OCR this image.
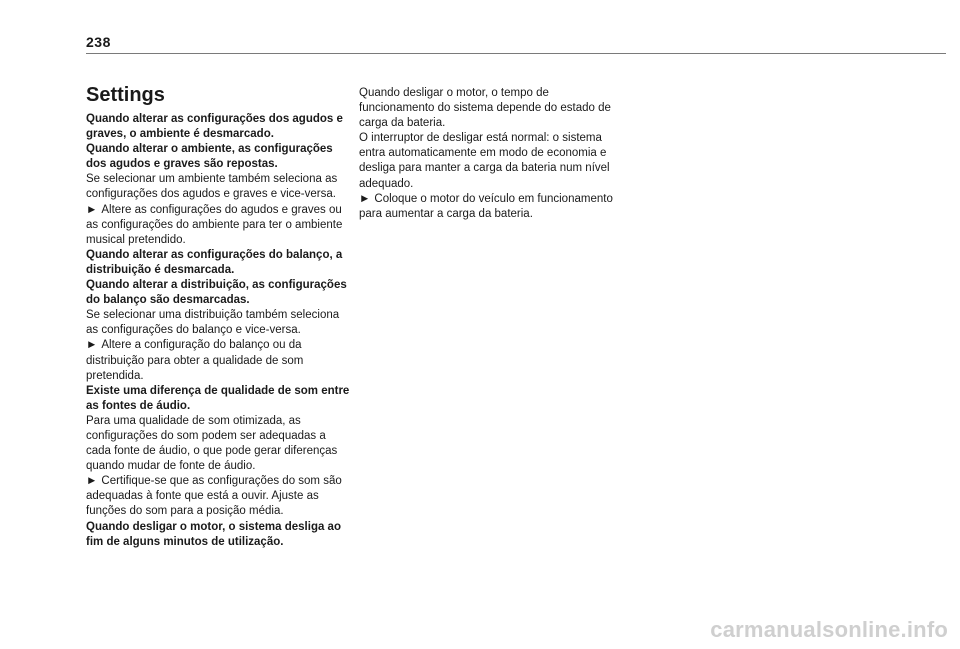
238
Settings

Quando alterar as configurações dos agudos e graves, o ambiente é desmarcado.

Quando alterar o ambiente, as configurações dos agudos e graves são repostas.

Se selecionar um ambiente também seleciona as configurações dos agudos e graves e vice-versa.

► Altere as configurações do agudos e graves ou as configurações do ambiente para ter o ambiente musical pretendido.

Quando alterar as configurações do balanço, a distribuição é desmarcada.

Quando alterar a distribuição, as configurações do balanço são desmarcadas.

Se selecionar uma distribuição também seleciona as configurações do balanço e vice-versa.

► Altere a configuração do balanço ou da distribuição para obter a qualidade de som pretendida.

Existe uma diferença de qualidade de som entre as fontes de áudio.

Para uma qualidade de som otimizada, as configurações do som podem ser adequadas a cada fonte de áudio, o que pode gerar diferenças quando mudar de fonte de áudio.

► Certifique-se que as configurações do som são adequadas à fonte que está a ouvir. Ajuste as funções do som para a posição média.

Quando desligar o motor, o sistema desliga ao fim de alguns minutos de utilização.

Quando desligar o motor, o tempo de funcionamento do sistema depende do estado de carga da bateria.

O interruptor de desligar está normal: o sistema entra automaticamente em modo de economia e desliga para manter a carga da bateria num nível adequado.

► Coloque o motor do veículo em funcionamento para aumentar a carga da bateria.

carmanualsonline.info
